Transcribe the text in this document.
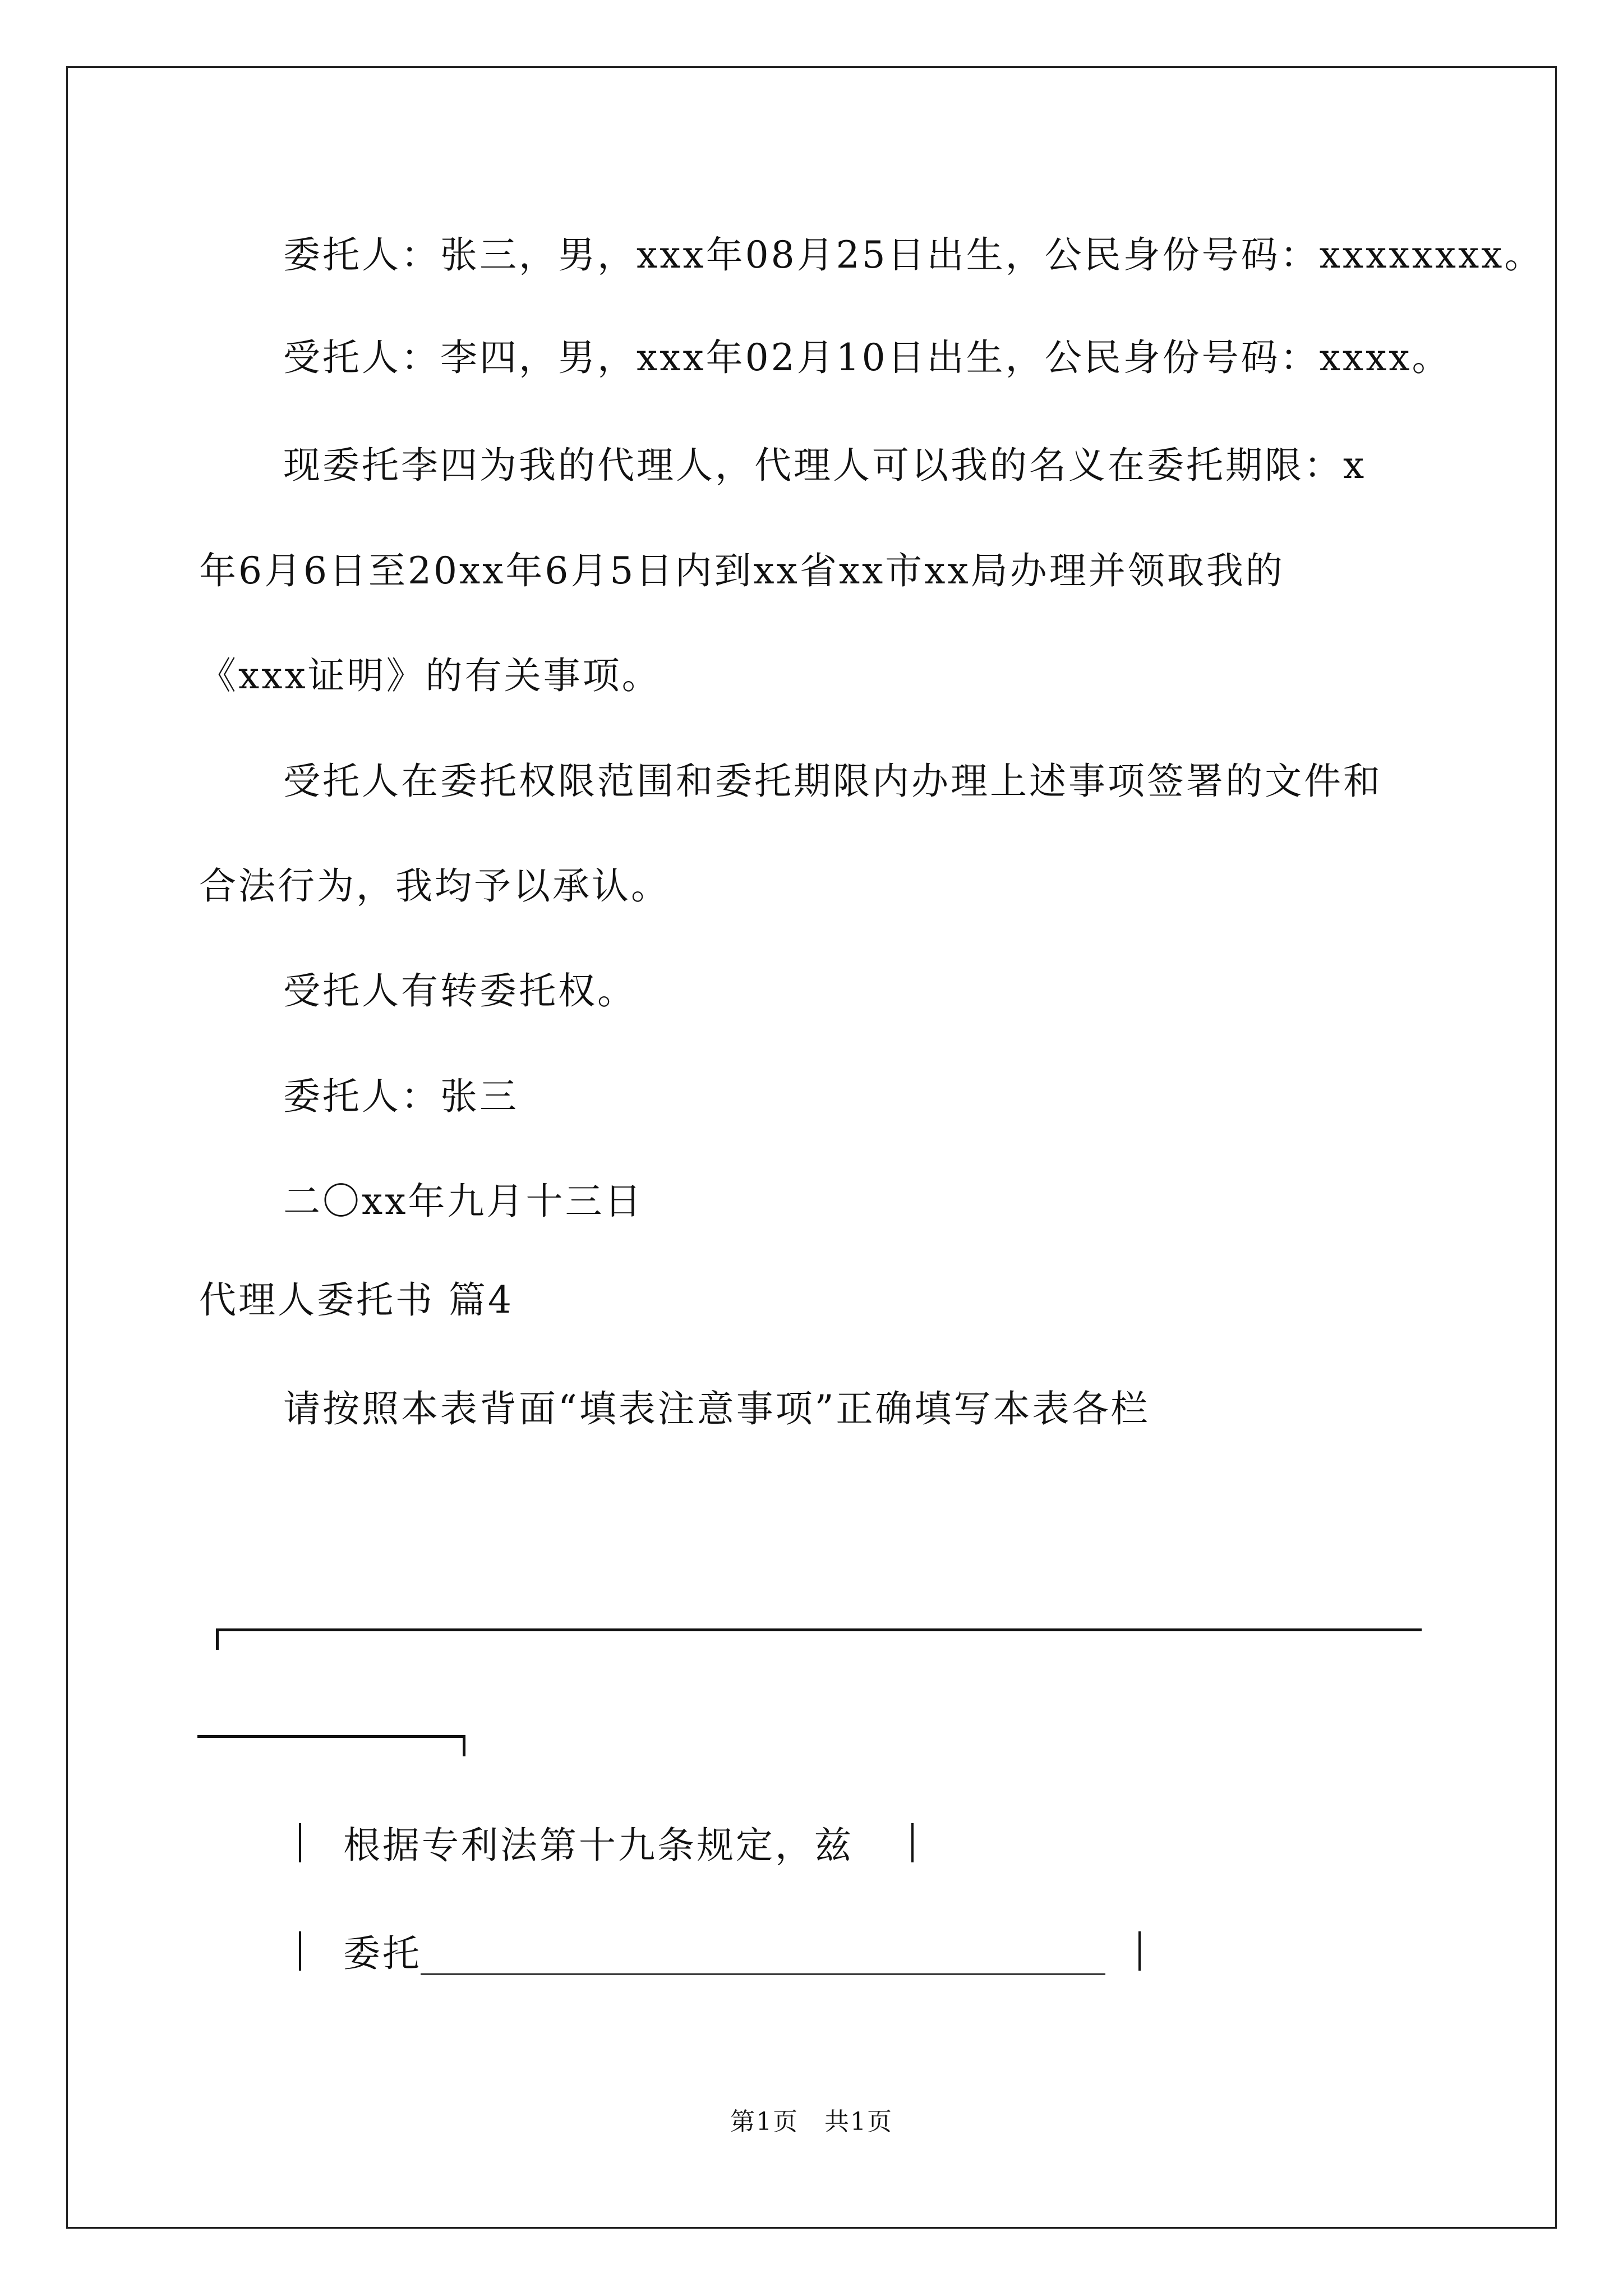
委托人：张三，男，xxx年08月25日出生，公民身份号码：xxxxxxxx。
受托人：李四，男，xxx年02月10日出生，公民身份号码：xxxx。
现委托李四为我的代理人，代理人可以我的名义在委托期限：x
年6月6日至20xx年6月5日内到xx省xx市xx局办理并领取我的
《xxx证明》的有关事项。
受托人在委托权限范围和委托期限内办理上述事项签署的文件和
合法行为，我均予以承认。
受托人有转委托权。
委托人：张三
二〇xx年九月十三日
代理人委托书 篇4
请按照本表背面“填表注意事项”正确填写本表各栏
根据专利法第十九条规定，兹
委托
_____________________________________
第1页　共1页
